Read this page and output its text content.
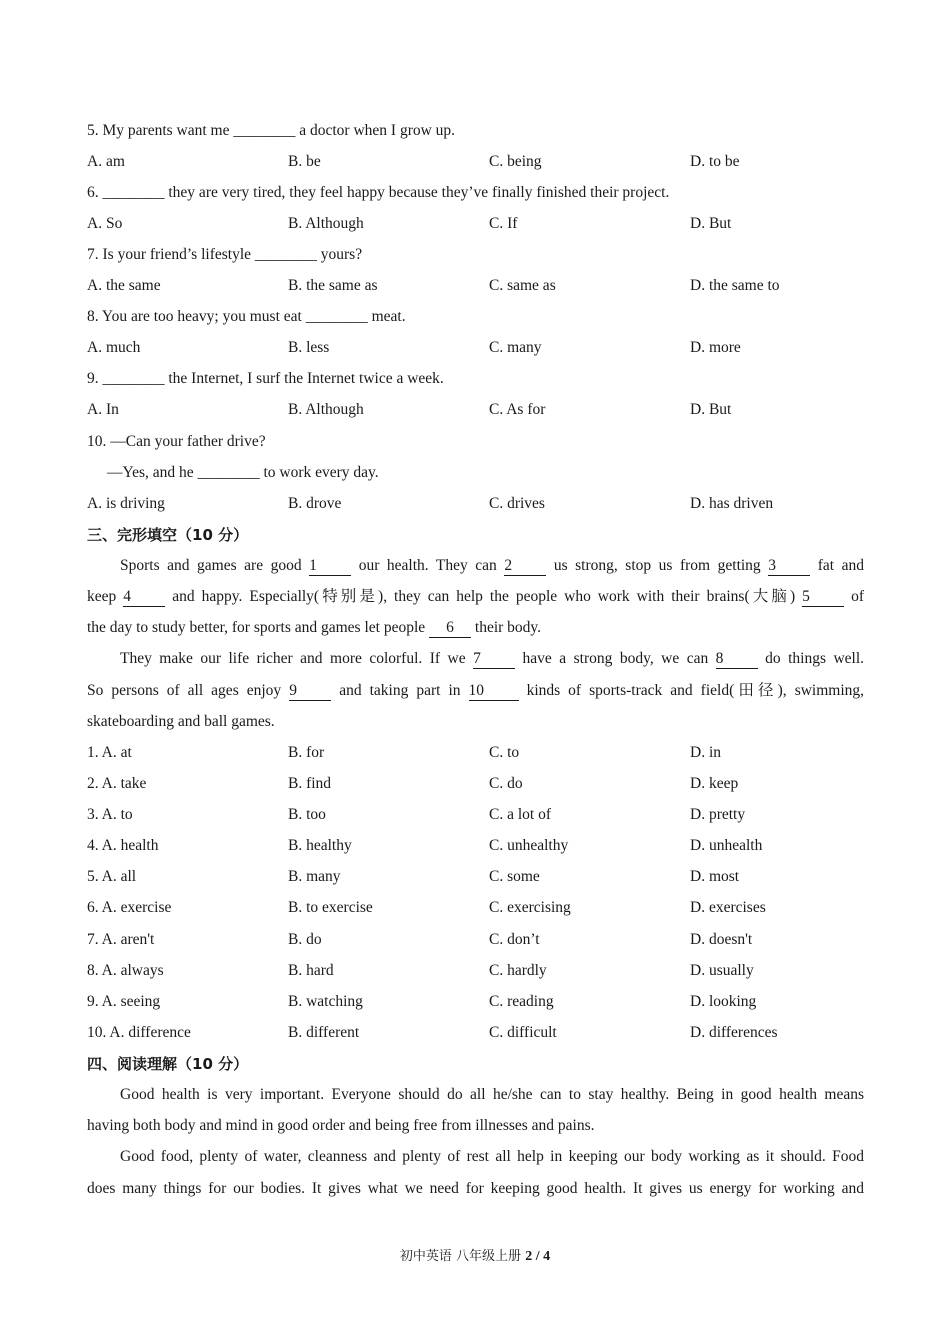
5. My parents want me ________ a doctor when I grow up.
A. am	B. be	C. being	D. to be
6. ________ they are very tired, they feel happy because they’ve finally finished their project.
A. So	B. Although	C. If	D. But
7. Is your friend’s lifestyle ________ yours?
A. the same	B. the same as	C. same as	D. the same to
8. You are too heavy; you must eat ________ meat.
A. much	B. less	C. many	D. more
9. ________ the Internet, I surf the Internet twice a week.
A. In	B. Although	C. As for	D. But
10. —Can your father drive?
—Yes, and he ________ to work every day.
A. is driving	B. drove	C. drives	D. has driven
三、完形填空（10 分）
Sports and games are good 1	our health. They can 2	us strong, stop us from getting 3	fat and
keep 4	and happy. Especially(特别是), they can help the people who work with their brains(大脑) 5	of
the day to study better, for sports and games let people 6 their body.
They make our life richer and more colorful. If we 7	have a strong body, we can 8	do things well.
So persons of all ages enjoy 9	and taking part in 10	kinds of sports-track and field(田径), swimming,
skateboarding and ball games.
1. A. at	B. for	C. to	D. in
2. A. take	B. find	C. do	D. keep
3. A. to	B. too	C. a lot of	D. pretty
4. A. health	B. healthy	C. unhealthy	D. unhealth
5. A. all	B. many	C. some	D. most
6. A. exercise	B. to exercise	C. exercising	D. exercises
7. A. aren't	B. do	C. don’t	D. doesn't
8. A. always	B. hard	C. hardly	D. usually
9. A. seeing	B. watching	C. reading	D. looking
10. A. difference	B. different	C. difficult	D. differences
四、阅读理解（10 分）
Good health is very important. Everyone should do all he/she can to stay healthy. Being in good health means
having both body and mind in good order and being free from illnesses and pains.
Good food, plenty of water, cleanness and plenty of rest all help in keeping our body working as it should. Food
does many things for our bodies. It gives what we need for keeping good health. It gives us energy for working and
初中英语 八年级上册 2 / 4
